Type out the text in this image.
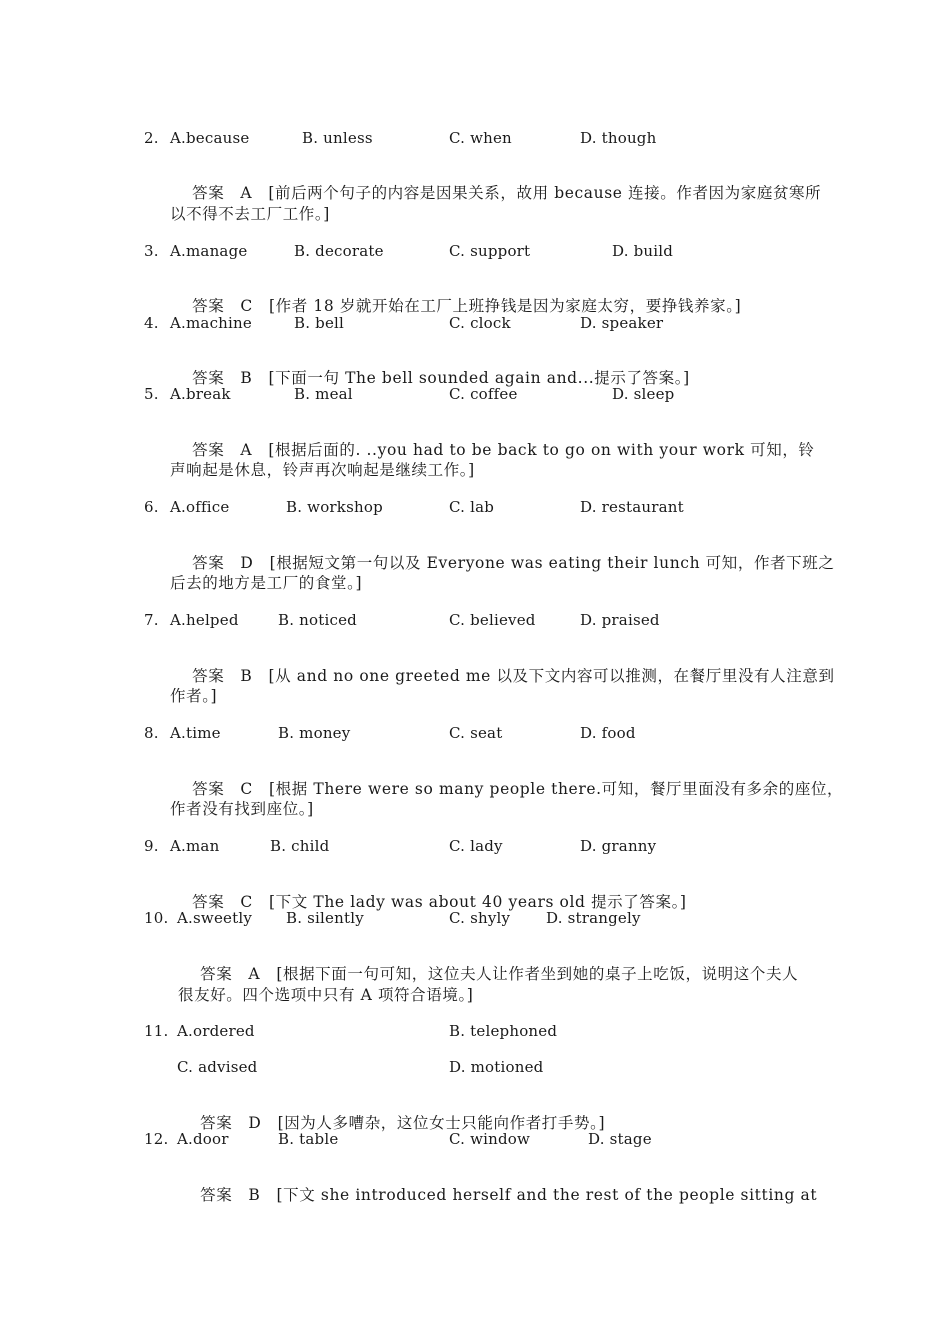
2.

A.because

	B. unless

	C. when

	D. though

答案　 A　 [前后两个句子的内容是因果关系，故用 because 连接。作者因为家庭贫寒所

以不得不去工厂工作。]

3.

A.manage

	B. decorate

	C. support

	D. build

答案　 C　 [作者 18 岁就开始在工厂上班挣钱是因为家庭太穷，要挣钱养家。]

4.

A.machine

	B. bell

	C. clock

	D. speaker

答案　 B　 [下面一句 The bell sounded again and...提示了答案。]

5.

A.break

	B. meal

	C. coffee

	D. sleep

答案　 A　 [根据后面的. ..you had to be back to go on with your work 可知，铃

声响起是休息，铃声再次响起是继续工作。]

6.

A.office

	B. workshop

	C. lab

	D. restaurant

答案　 D　 [根据短文第一句以及 Everyone was eating their lunch 可知，作者下班之

后去的地方是工厂的食堂。]

7.

A.helped

	B. noticed

	C. believed

	D. praised

答案　 B　 [从 and no one greeted me 以及下文内容可以推测，在餐厅里没有人注意到

作者。]

8.

A.time

	B. money

	C. seat

	D. food

答案　 C　 [根据 There were so many people there.可知，餐厅里面没有多余的座位，

作者没有找到座位。]

9.

A.man

	B. child

	C. lady

	D. granny

答案　 C　 [下文 The lady was about 40 years old 提示了答案。]

10.

A.sweetly

B. silently

	C. shyly

D. strangely

答案　 A　 [根据下面一句可知，这位夫人让作者坐到她的桌子上吃饭，说明这个夫人

很友好。四个选项中只有 A 项符合语境。]

11.

A.ordered

	B. telephoned

C. advised

	D. motioned

答案　 D　 [因为人多嘈杂，这位女士只能向作者打手势。]

12.

A.door

	B. table

	C. window

	D. stage

答案　 B　 [下文 she introduced herself and the rest of the people sitting at
